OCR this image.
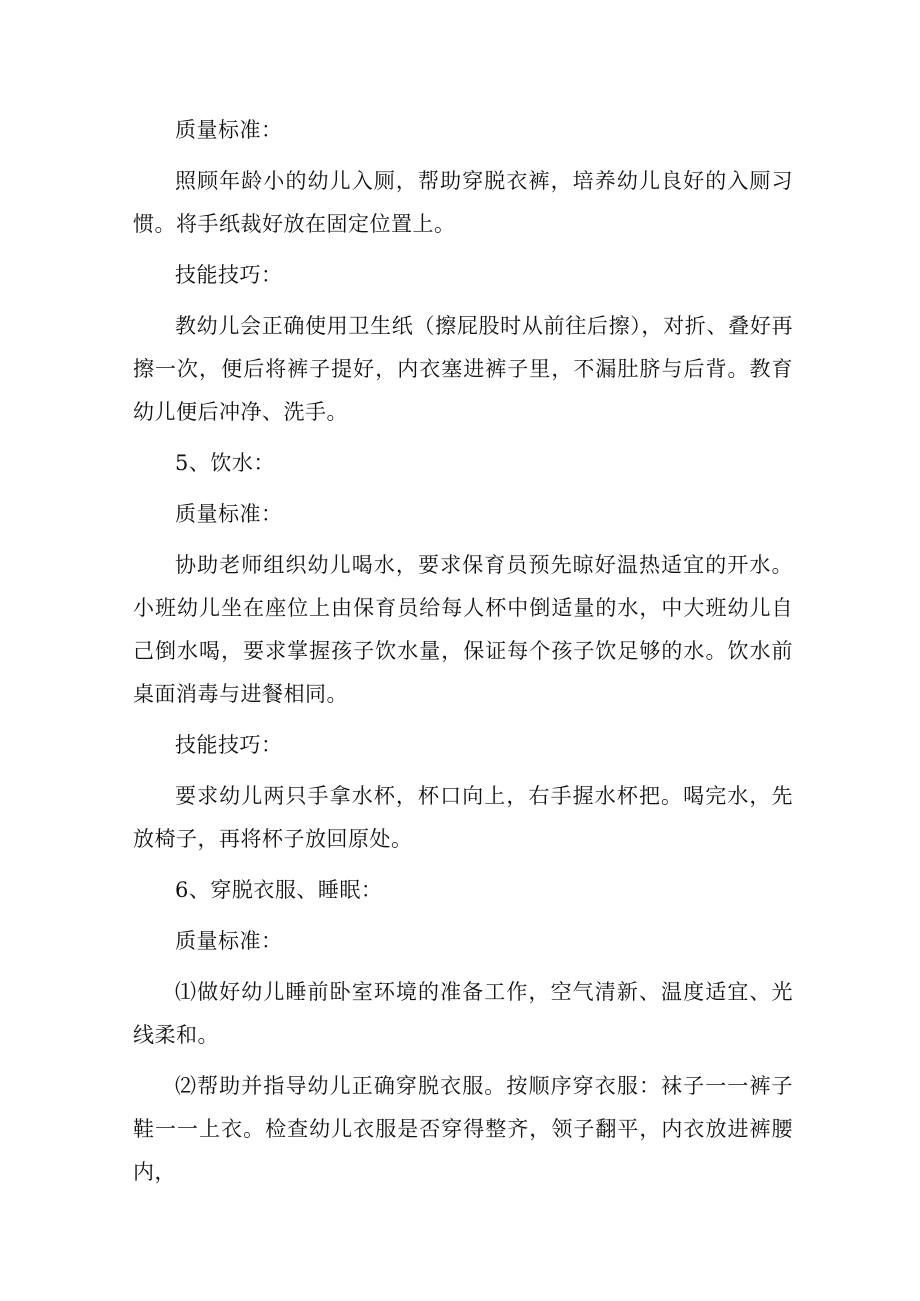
质量标准：

照顾年龄小的幼儿入厕，帮助穿脱衣裤，培养幼儿良好的入厕习惯。将手纸裁好放在固定位置上。

技能技巧：

教幼儿会正确使用卫生纸（擦屁股时从前往后擦），对折、叠好再擦一次，便后将裤子提好，内衣塞进裤子里，不漏肚脐与后背。教育幼儿便后冲净、洗手。

5、饮水：

质量标准：

协助老师组织幼儿喝水，要求保育员预先晾好温热适宜的开水。小班幼儿坐在座位上由保育员给每人杯中倒适量的水，中大班幼儿自己倒水喝，要求掌握孩子饮水量，保证每个孩子饮足够的水。饮水前桌面消毒与进餐相同。

技能技巧：

要求幼儿两只手拿水杯，杯口向上，右手握水杯把。喝完水，先放椅子，再将杯子放回原处。

6、穿脱衣服、睡眠：

质量标准：

⑴做好幼儿睡前卧室环境的准备工作，空气清新、温度适宜、光线柔和。

⑵帮助并指导幼儿正确穿脱衣服。按顺序穿衣服：袜子一一裤子鞋一一上衣。检查幼儿衣服是否穿得整齐，领子翻平，内衣放进裤腰内，
